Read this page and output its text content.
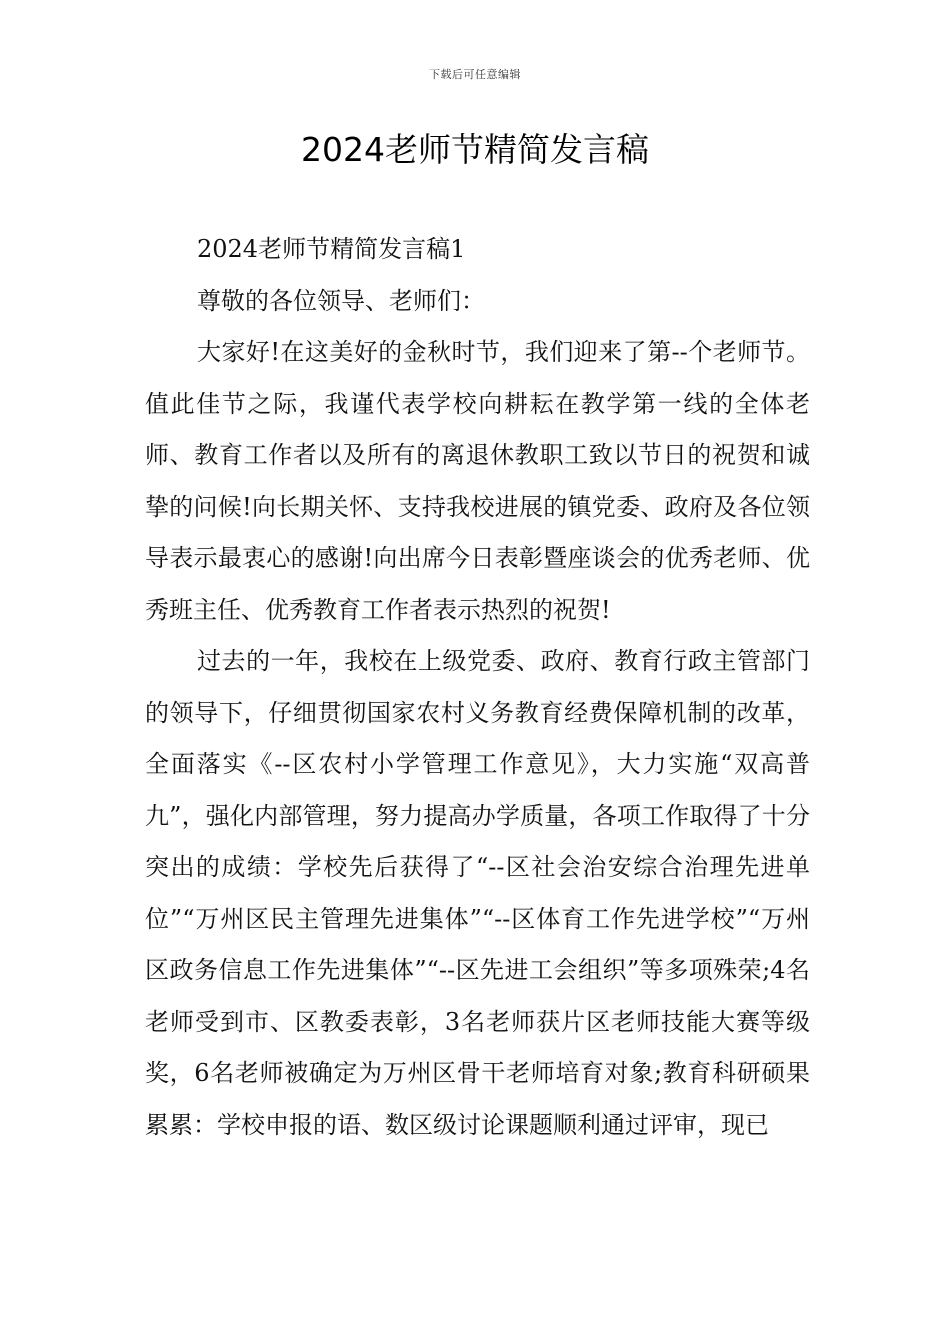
下载后可任意编辑
2024老师节精简发言稿

2024老师节精简发言稿1

尊敬的各位领导、老师们：

大家好!在这美好的金秋时节，我们迎来了第--个老师节。值此佳节之际，我谨代表学校向耕耘在教学第一线的全体老师、教育工作者以及所有的离退休教职工致以节日的祝贺和诚挚的问候!向长期关怀、支持我校进展的镇党委、政府及各位领导表示最衷心的感谢!向出席今日表彰暨座谈会的优秀老师、优秀班主任、优秀教育工作者表示热烈的祝贺!

过去的一年，我校在上级党委、政府、教育行政主管部门的领导下，仔细贯彻国家农村义务教育经费保障机制的改革，全面落实《--区农村小学管理工作意见》，大力实施“双高普九”，强化内部管理，努力提高办学质量，各项工作取得了十分突出的成绩：学校先后获得了“--区社会治安综合治理先进单位”“万州区民主管理先进集体”“--区体育工作先进学校”“万州区政务信息工作先进集体”“--区先进工会组织”等多项殊荣;4名老师受到市、区教委表彰，3名老师获片区老师技能大赛等级奖，6名老师被确定为万州区骨干老师培育对象;教育科研硕果累累：学校申报的语、数区级讨论课题顺利通过评审，现已
